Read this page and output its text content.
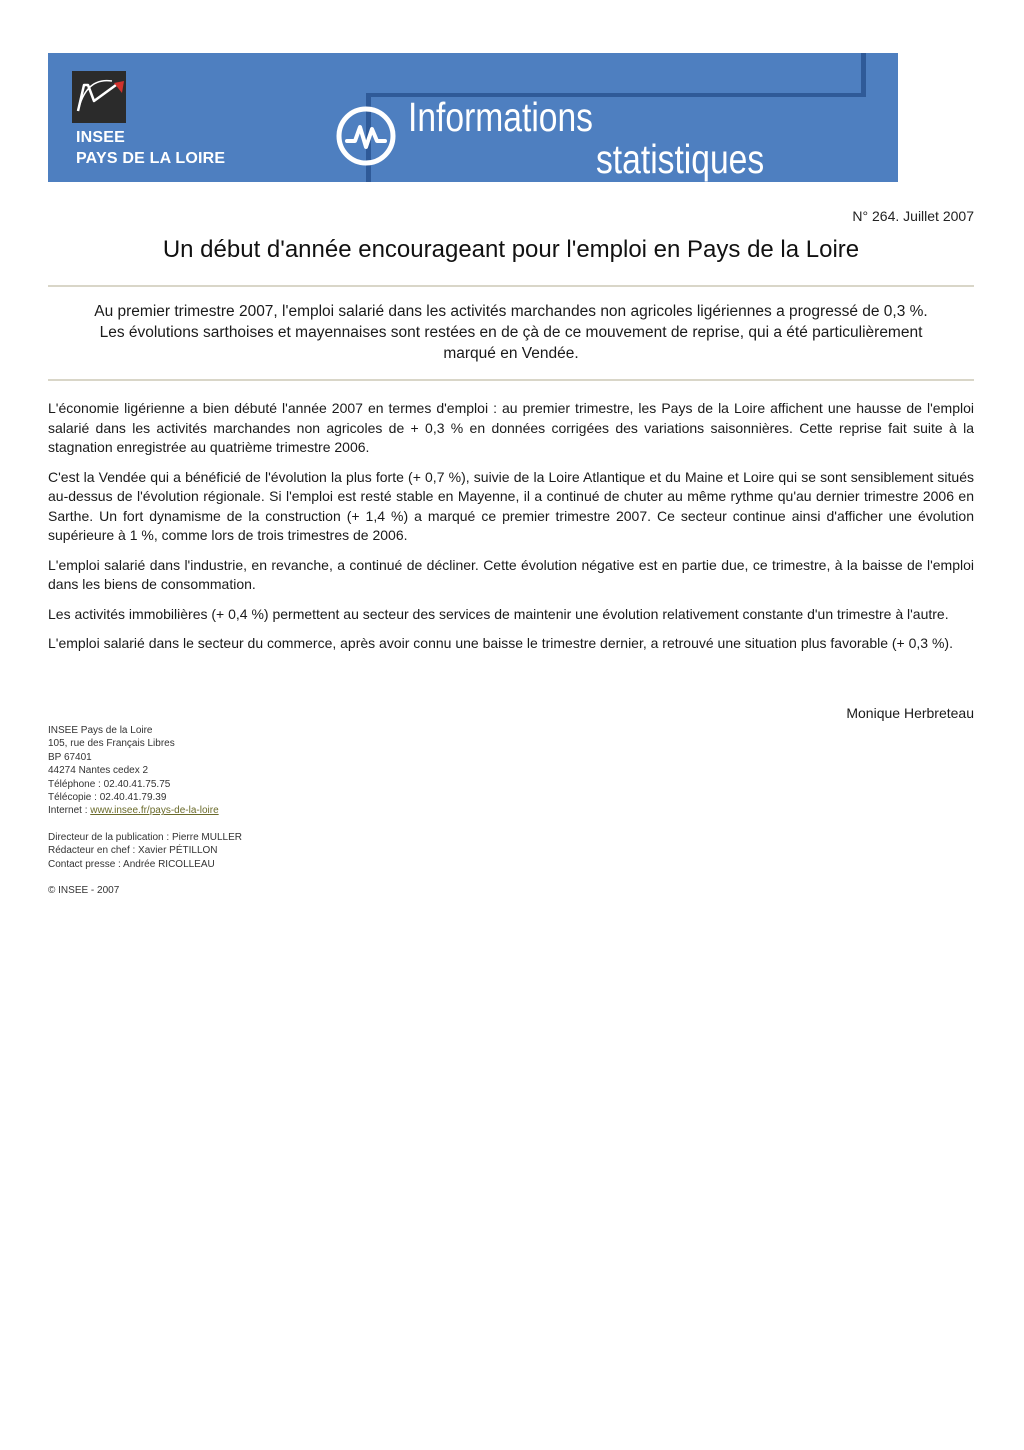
INSEE
PAYS DE LA LOIRE
Informations
statistiques
N° 264. Juillet 2007
Un début d'année encourageant pour l'emploi en Pays de la Loire
Au premier trimestre 2007, l'emploi salarié dans les activités marchandes non agricoles ligériennes a progressé de 0,3 %.
Les évolutions sarthoises et mayennaises sont restées en de çà de ce mouvement de reprise, qui a été particulièrement
marqué en Vendée.

L'économie ligérienne a bien débuté l'année 2007 en termes d'emploi : au premier trimestre, les Pays de la Loire affichent une hausse de l'emploi salarié dans les activités marchandes non agricoles de + 0,3 % en données corrigées des variations saisonnières. Cette reprise fait suite à la stagnation enregistrée au quatrième trimestre 2006.

C'est la Vendée qui a bénéficié de l'évolution la plus forte (+ 0,7 %), suivie de la Loire Atlantique et du Maine et Loire qui se sont sensiblement situés au-dessus de l'évolution régionale. Si l'emploi est resté stable en Mayenne, il a continué de chuter au même rythme qu'au dernier trimestre 2006 en Sarthe. Un fort dynamisme de la construction (+ 1,4 %) a marqué ce premier trimestre 2007. Ce secteur continue ainsi d'afficher une évolution supérieure à 1 %, comme lors de trois trimestres de 2006.

L'emploi salarié dans l'industrie, en revanche, a continué de décliner. Cette évolution négative est en partie due, ce trimestre, à la baisse de l'emploi dans les biens de consommation.

Les activités immobilières (+ 0,4 %) permettent au secteur des services de maintenir une évolution relativement constante d'un trimestre à l'autre.

L'emploi salarié dans le secteur du commerce, après avoir connu une baisse le trimestre dernier, a retrouvé une situation plus favorable (+ 0,3 %).

Monique Herbreteau
INSEE Pays de la Loire
105, rue des Français Libres
BP 67401
44274 Nantes cedex 2
Téléphone : 02.40.41.75.75
Télécopie : 02.40.41.79.39
Internet : www.insee.fr/pays-de-la-loire
Directeur de la publication : Pierre MULLER
Rédacteur en chef : Xavier PÉTILLON
Contact presse : Andrée RICOLLEAU
© INSEE - 2007
